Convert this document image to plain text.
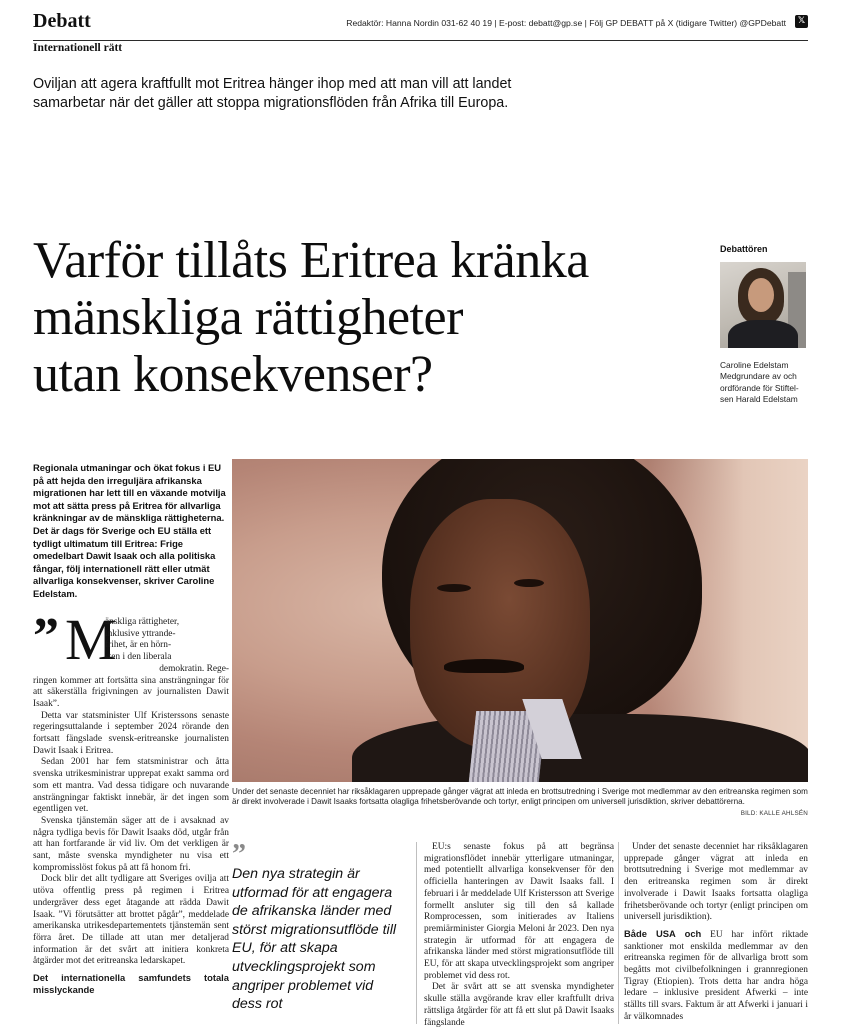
Debatt	Redaktör: Hanna Nordin 031-62 40 19 | E-post: debatt@gp.se | Följ GP DEBATT på X (tidigare Twitter) @GPDebatt	𝕏
Internationell rätt
Oviljan att agera kraftfullt mot Eritrea hänger ihop med att man vill att landet samarbetar när det gäller att stoppa migrationsflöden från Afrika till Europa.
Varför tillåts Eritrea kränka
mänskliga rättigheter
utan konsekvenser?
Debattören
Caroline Edelstam
Medgrundare av och
ordförande för Stiftel-
sen Harald Edelstam
Regionala utmaningar och ökat fokus i EU på att hejda den irreguljära afrikanska migrationen har lett till en växande motvilja mot att sätta press på Eritrea för allvarliga kränkningar av de mänskliga rättigheterna. Det är dags för Sverige och EU ställa ett tydligt ultimatum till Eritrea: Frige omedelbart Dawit Isaak och alla politiska fångar, följ internationell rätt eller utmät allvarliga konsekvenser, skriver Caroline Edelstam.
” M

änskliga rättigheter,

inklusive yttrande-

frihet, är en hörn-

sten i den liberala

demokratin. Rege-

ringen kommer att fortsätta sina ansträngningar för att säkerställa frigivningen av journalisten Dawit Isaak”.

Detta var statsminister Ulf Kristerssons senaste regeringsuttalande i september 2024 rörande den fortsatt fängslade svensk-eritreanske journalisten Dawit Isaak i Eritrea.

Sedan 2001 har fem statsministrar och åtta svenska utrikesministrar upprepat exakt samma ord som ett mantra. Vad dessa tidigare och nuvarande ansträngningar faktiskt innebär, är det ingen som egentligen vet.

Svenska tjänstemän säger att de i avsaknad av några tydliga bevis för Dawit Isaaks död, utgår från att han fortfarande är vid liv. Om det verkligen är sant, måste svenska myndigheter nu visa ett kompromisslöst fokus på att få honom fri.

Dock blir det allt tydligare att Sveriges ovilja att utöva offentlig press på regimen i Eritrea undergräver dess eget åtagande att rädda Dawit Isaak. ”Vi förutsätter att brottet pågår”, meddelade amerikanska utrikesdepartementets tjänstemän sent förra året. De tillade att utan mer detaljerad information är det svårt att initiera konkreta åtgärder mot det eritreanska ledarskapet.

Det internationella samfundets totala misslyckande

Under det senaste decenniet har riksåklagaren upprepade gånger vägrat att inleda en brottsutredning i Sverige mot medlemmar av den eritreanska regimen som är direkt involverade i Dawit Isaaks fortsatta olagliga frihetsberövande och tortyr, enligt principen om universell jurisdiktion, skriver debattörerna.
BILD: KALLE AHLSÉN
”
Den nya strategin är utformad för att engagera de afrikanska länder med störst migrationsutflöde till EU, för att skapa utvecklingsprojekt som angriper problemet vid dess rot

EU:s senaste fokus på att begränsa migrationsflödet innebär ytterligare utmaningar, med potentiellt allvarliga konsekvenser för den officiella hanteringen av Dawit Isaaks fall. I februari i år meddelade Ulf Kristersson att Sverige formellt ansluter sig till den så kallade Romprocessen, som initierades av Italiens premiärminister Giorgia Meloni år 2023. Den nya strategin är utformad för att engagera de afrikanska länder med störst migrationsutflöde till EU, för att skapa utvecklingsprojekt som angriper problemet vid dess rot.

Det är svårt att se att svenska myndigheter skulle ställa avgörande krav eller kraftfullt driva rättsliga åtgärder för att få ett slut på Dawit Isaaks fängslande

Under det senaste decenniet har riksåklagaren upprepade gånger vägrat att inleda en brottsutredning i Sverige mot medlemmar av den eritreanska regimen som är direkt involverade i Dawit Isaaks fortsatta olagliga frihetsberövande och tortyr (enligt principen om universell jurisdiktion).

Både USA och EU har infört riktade sanktioner mot enskilda medlemmar av den eritreanska regimen för de allvarliga brott som begåtts mot civilbefolkningen i grannregionen Tigray (Etiopien). Trots detta har andra höga ledare – inklusive president Afwerki – inte ställts till svars. Faktum är att Afwerki i januari i år välkomnades
